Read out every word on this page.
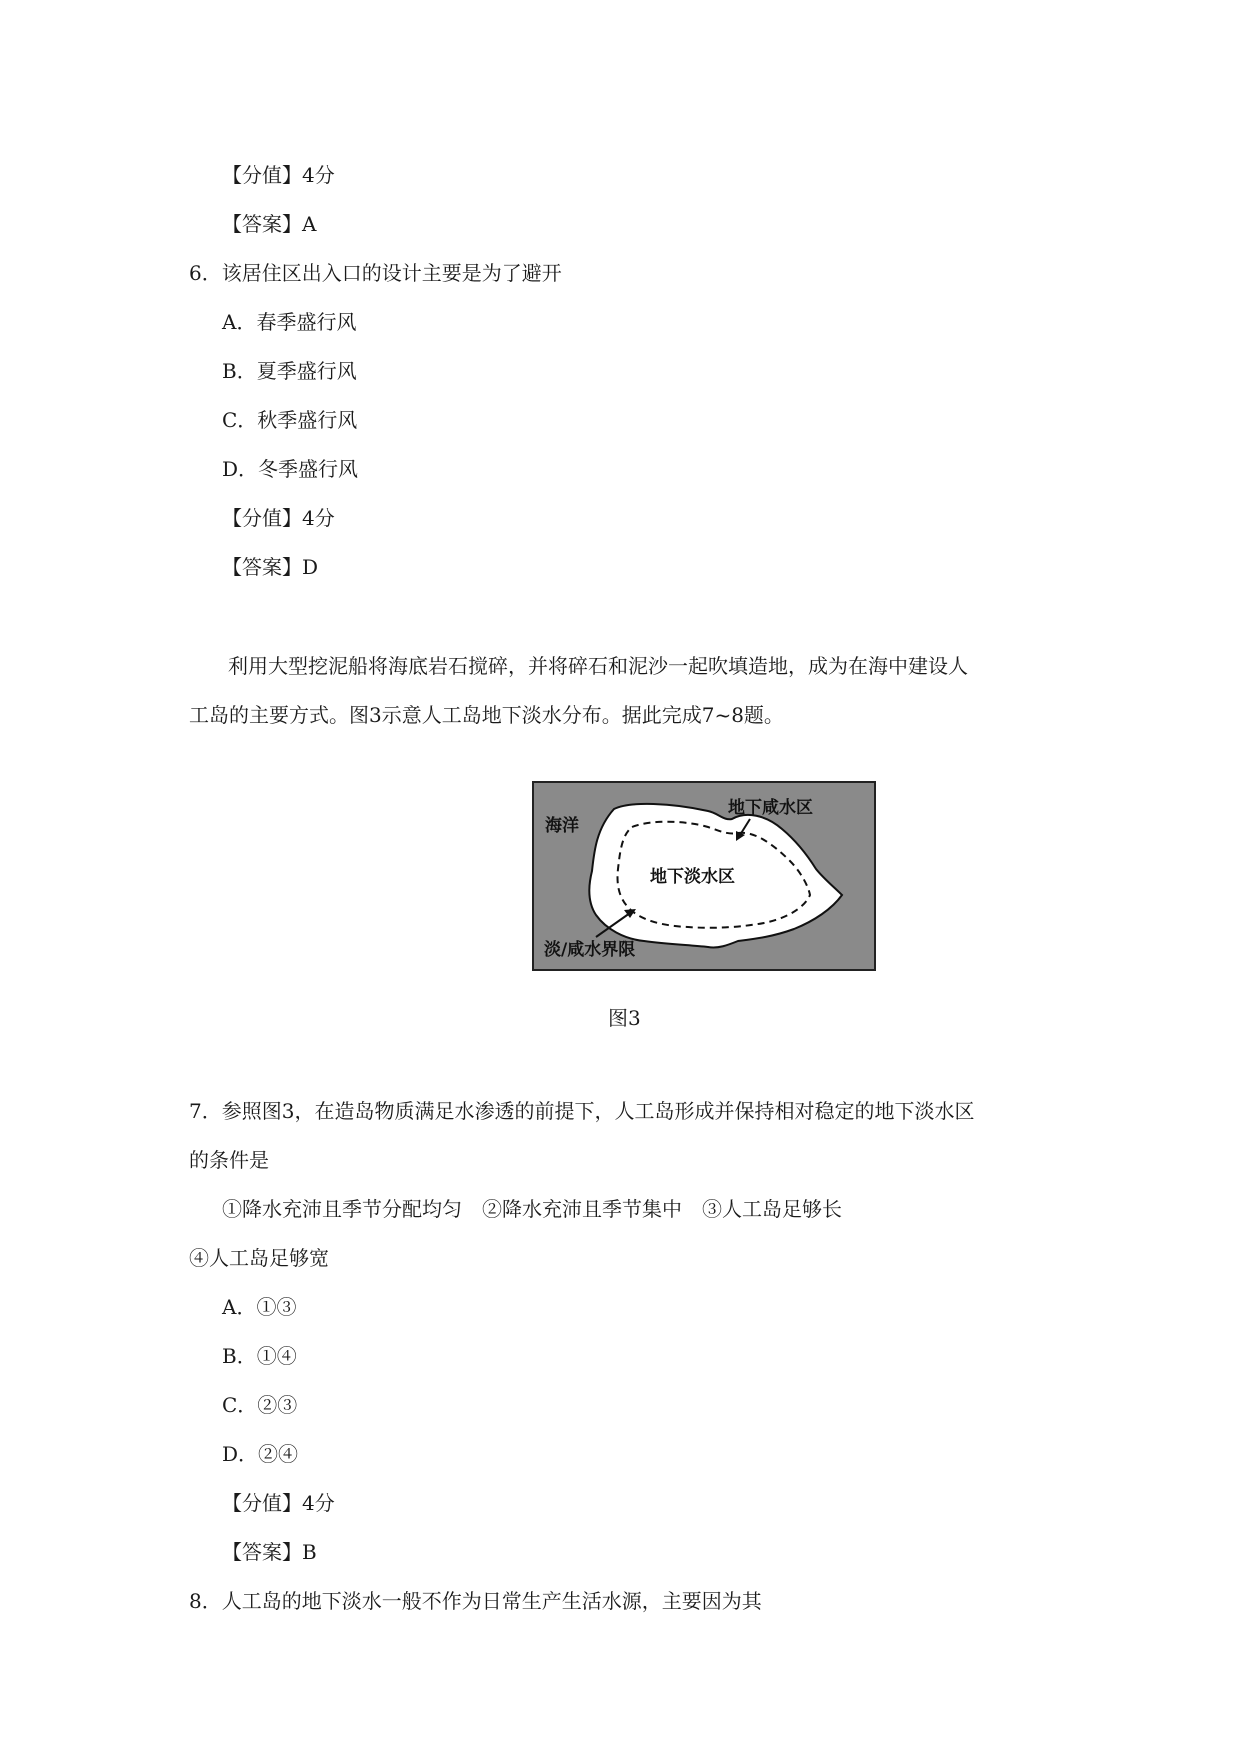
【分值】4分
【答案】A
6．该居住区出入口的设计主要是为了避开
A．春季盛行风
B．夏季盛行风
C．秋季盛行风
D．冬季盛行风
【分值】4分
【答案】D
利用大型挖泥船将海底岩石搅碎，并将碎石和泥沙一起吹填造地，成为在海中建设人
工岛的主要方式。图3示意人工岛地下淡水分布。据此完成7~8题。
海洋
地下咸水区
地下淡水区
淡/咸水界限
图3
7．参照图3，在造岛物质满足水渗透的前提下，人工岛形成并保持相对稳定的地下淡水区
的条件是
①降水充沛且季节分配均匀　②降水充沛且季节集中　③人工岛足够长
④人工岛足够宽
A．①③
B．①④
C．②③
D．②④
【分值】4分
【答案】B
8．人工岛的地下淡水一般不作为日常生产生活水源，主要因为其
